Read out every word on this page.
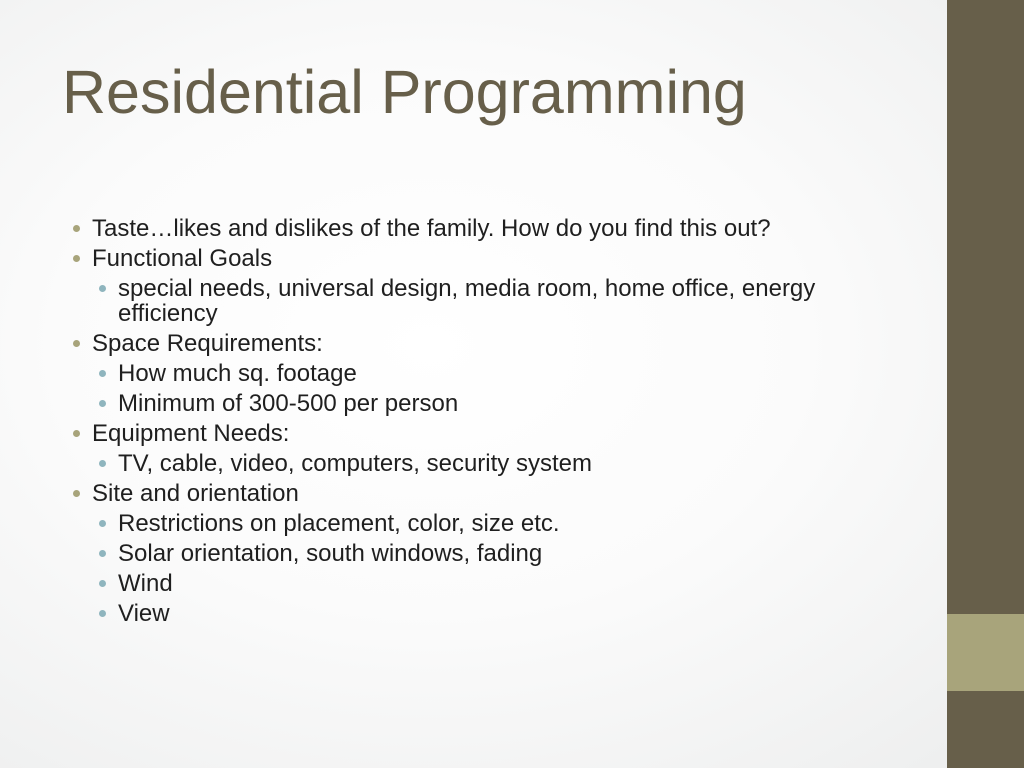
Residential Programming
Taste…likes and dislikes of the family. How do you find this out?
Functional Goals
special needs, universal design, media room, home office, energy efficiency
Space Requirements:
How much sq. footage
Minimum of 300-500 per person
Equipment Needs:
TV, cable, video, computers, security system
Site and orientation
Restrictions on placement, color, size etc.
Solar orientation, south windows, fading
Wind
View
